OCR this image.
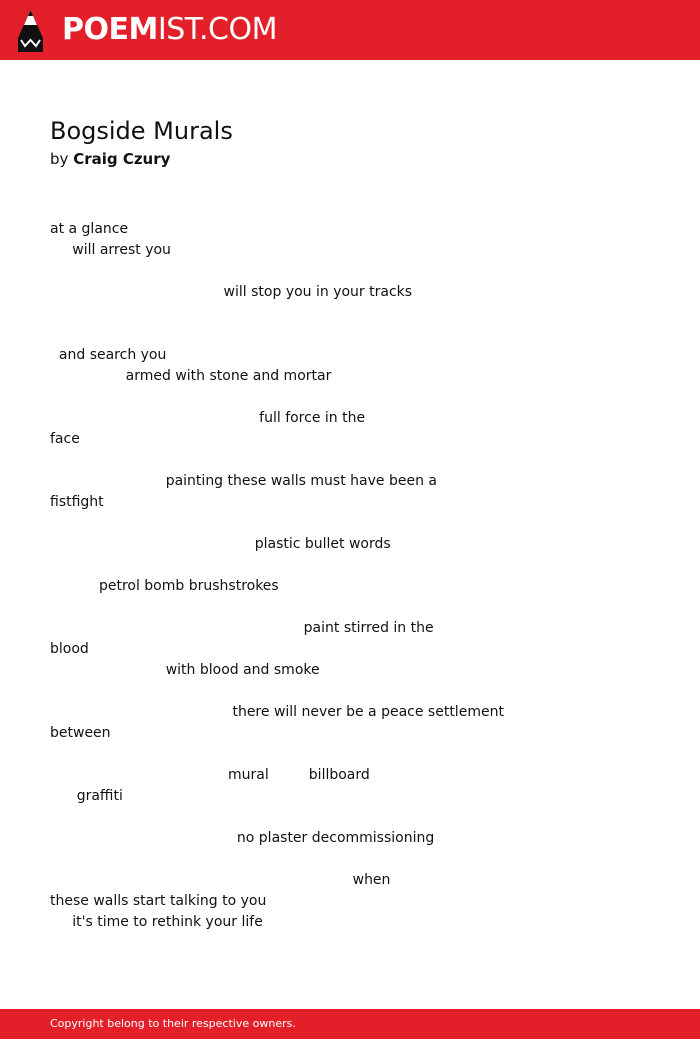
POEMIST.COM
Bogside Murals
by Craig Czury
at a glance
will arrest you
will stop you in your tracks
and search you
armed with stone and mortar
full force in the
face
painting these walls must have been a
fistfight
plastic bullet words
petrol bomb brushstrokes
paint stirred in the
blood
with blood and smoke
there will never be a peace settlement
between
mural         billboard
graffiti
no plaster decommissioning
when
these walls start talking to you
it's time to rethink your life
Copyright belong to their respective owners.
